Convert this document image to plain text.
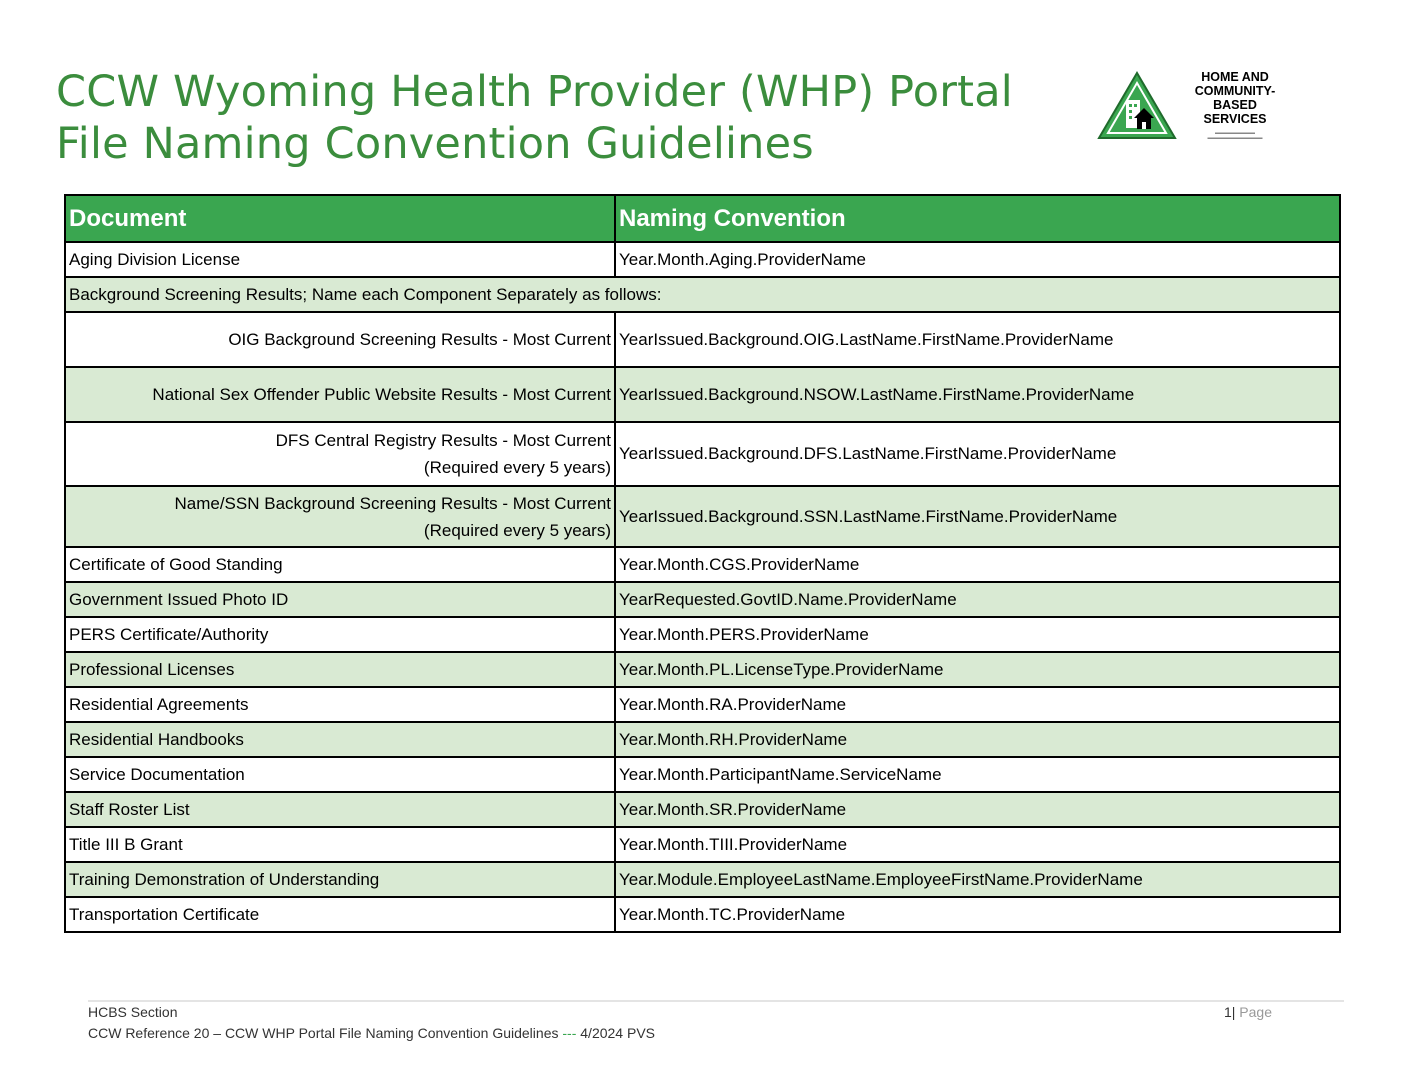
CCW Wyoming Health Provider (WHP) Portal
File Naming Convention Guidelines
HOME AND
COMMUNITY-
BASED
SERVICES
▬▬▬▬▬▬▬▬
▬▬▬▬▬▬▬▬▬▬▬
Document	Naming Convention
Aging Division License	Year.Month.Aging.ProviderName
Background Screening Results; Name each Component Separately as follows:	
OIG Background Screening Results - Most Current	YearIssued.Background.OIG.LastName.FirstName.ProviderName
National Sex Offender Public Website Results - Most Current	YearIssued.Background.NSOW.LastName.FirstName.ProviderName

DFS Central Registry Results - Most Current
(Required every 5 years)	YearIssued.Background.DFS.LastName.FirstName.ProviderName

Name/SSN Background Screening Results - Most Current
(Required every 5 years)	YearIssued.Background.SSN.LastName.FirstName.ProviderName
Certificate of Good Standing	Year.Month.CGS.ProviderName
Government Issued Photo ID	YearRequested.GovtID.Name.ProviderName
PERS Certificate/Authority	Year.Month.PERS.ProviderName
Professional Licenses	Year.Month.PL.LicenseType.ProviderName
Residential Agreements	Year.Month.RA.ProviderName
Residential Handbooks	Year.Month.RH.ProviderName
Service Documentation	Year.Month.ParticipantName.ServiceName
Staff Roster List	Year.Month.SR.ProviderName
Title III B Grant	Year.Month.TIII.ProviderName
Training Demonstration of Understanding	Year.Module.EmployeeLastName.EmployeeFirstName.ProviderName
Transportation Certificate	Year.Month.TC.ProviderName
HCBS Section
CCW Reference 20 – CCW WHP Portal File Naming Convention Guidelines --- 4/2024 PVS
1| Page
